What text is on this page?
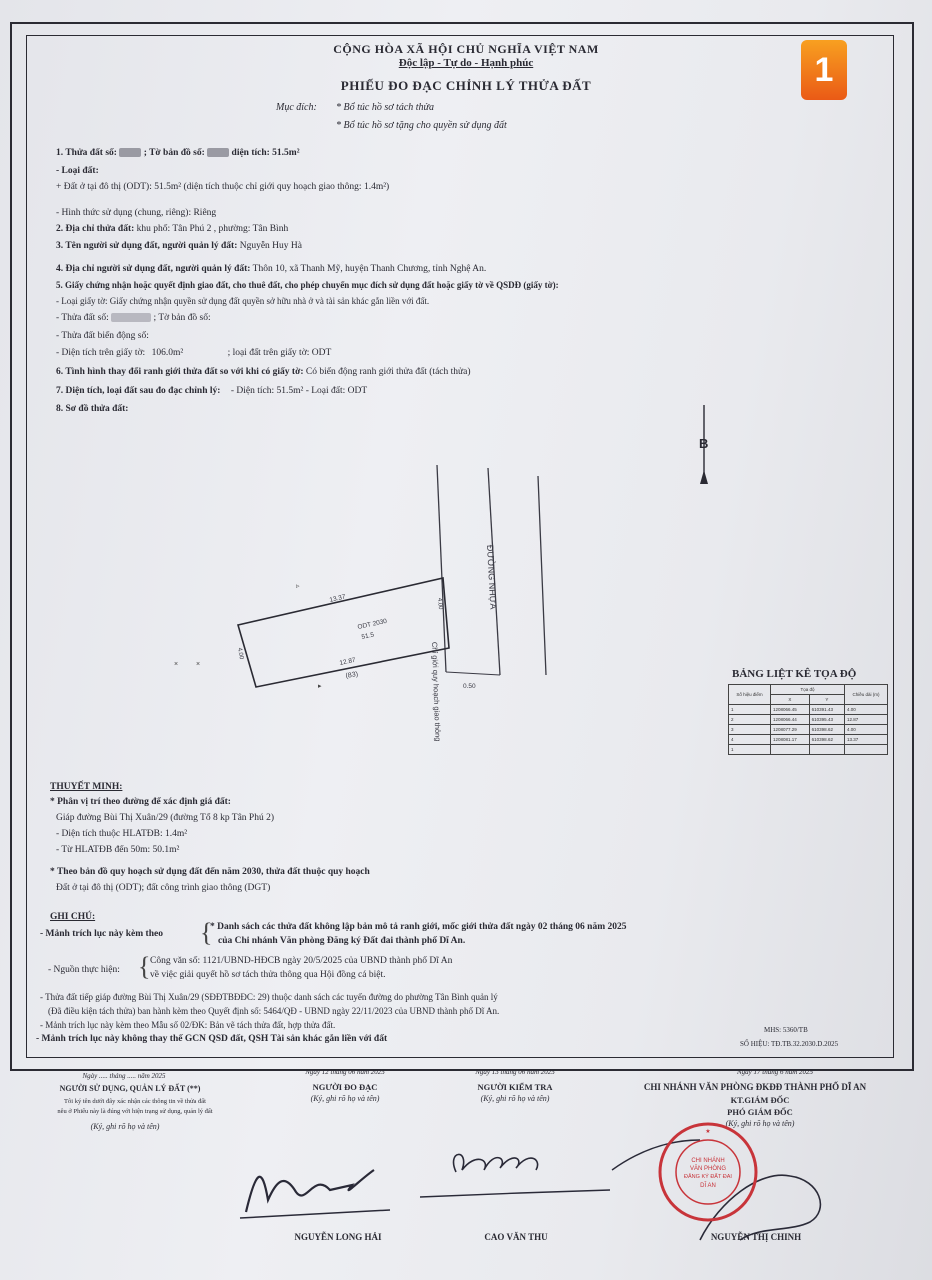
1
CỘNG HÒA XÃ HỘI CHỦ NGHĨA VIỆT NAM
Độc lập - Tự do - Hạnh phúc
PHIẾU ĐO ĐẠC CHỈNH LÝ THỬA ĐẤT
Mục đích: * Bổ túc hồ sơ tách thửa
* Bổ túc hồ sơ tặng cho quyền sử dụng đất
1. Thửa đất số:	; Tờ bản đồ số:	diện tích: 51.5m²
- Loại đất:
+ Đất ở tại đô thị (ODT): 51.5m² (diện tích thuộc chỉ giới quy hoạch giao thông: 1.4m²)
- Hình thức sử dụng (chung, riêng): Riêng
2. Địa chỉ thửa đất: khu phố: Tân Phú 2 , phường: Tân Bình
3. Tên người sử dụng đất, người quản lý đất: Nguyễn Huy Hà
4. Địa chỉ người sử dụng đất, người quản lý đất: Thôn 10, xã Thanh Mỹ, huyện Thanh Chương, tỉnh Nghệ An.
5. Giấy chứng nhận hoặc quyết định giao đất, cho thuê đất, cho phép chuyển mục đích sử dụng đất hoặc giấy tờ về QSDĐ (giấy tờ):
- Loại giấy tờ: Giấy chứng nhận quyền sử dụng đất quyền sở hữu nhà ở và tài sản khác gắn liền với đất.
- Thửa đất số:	; Tờ bản đồ số:
- Thửa đất biến động số:
- Diện tích trên giấy tờ: 106.0m²	; loại đất trên giấy tờ: ODT
6. Tình hình thay đổi ranh giới thửa đất so với khi có giấy tờ: Có biến động ranh giới thửa đất (tách thửa)
7. Diện tích, loại đất sau đo đạc chỉnh lý: - Diện tích: 51.5m² - Loại đất: ODT
8. Sơ đồ thửa đất:
B
ĐƯỜNG NHỰA
13.37
12.87
4.00
4.00
ODT 2030
51.5
(83)
0.50
Chỉ giới quy hoạch giao thông
▹
×	×
▸
BẢNG LIỆT KÊ TỌA ĐỘ
Số hiệu điểm	Tọa độ		Chiều dài (m)
	X	Y	
1	1208066.45	610391.43	4.00
2	1208066.44	610395.43	12.87
3	1208077.29	610398.62	4.00
4	1208081.17	610398.62	13.37
1			
THUYẾT MINH:
* Phân vị trí theo đường để xác định giá đất:
Giáp đường Bùi Thị Xuân/29 (đường Tổ 8 kp Tân Phú 2)
- Diện tích thuộc HLATĐB: 1.4m²
- Từ HLATĐB đến 50m: 50.1m²
* Theo bản đồ quy hoạch sử dụng đất đến năm 2030, thửa đất thuộc quy hoạch
Đất ở tại đô thị (ODT); đất công trình giao thông (DGT)
GHI CHÚ:
- Mảnh trích lục này kèm theo {
* Danh sách các thửa đất không lập bản mô tả ranh giới, mốc giới thửa đất ngày 02 tháng 06 năm 2025
của Chi nhánh Văn phòng Đăng ký Đất đai thành phố Dĩ An.
- Nguồn thực hiện: { Công văn số: 1121/UBND-HĐCB ngày 20/5/2025 của UBND thành phố Dĩ An
về việc giải quyết hồ sơ tách thửa thông qua Hội đồng cá biệt.
- Thửa đất tiếp giáp đường Bùi Thị Xuân/29 (SĐĐTBĐĐC: 29) thuộc danh sách các tuyến đường do phường Tân Bình quản lý
(Đã điều kiện tách thửa) ban hành kèm theo Quyết định số: 5464/QĐ - UBND ngày 22/11/2023 của UBND thành phố Dĩ An.
- Mảnh trích lục này kèm theo Mẫu số 02/ĐK: Bản vẽ tách thửa đất, hợp thửa đất.
- Mảnh trích lục này không thay thế GCN QSD đất, QSH Tài sản khác gắn liền với đất
MHS: 5360/TB
SỐ HIỆU: TĐ.TB.32.2030.D.2025
Ngày ..... tháng ..... năm 2025
NGƯỜI SỬ DỤNG, QUẢN LÝ ĐẤT (**)
Tôi ký tên dưới đây xác nhận các thông tin về thửa đất
nêu ở Phiếu này là đúng với hiện trạng sử dụng, quản lý đất
(Ký, ghi rõ họ và tên)
Ngày 12 tháng 06 năm 2025
NGƯỜI ĐO ĐẠC
(Ký, ghi rõ họ và tên)
Ngày 13 tháng 06 năm 2025
NGƯỜI KIỂM TRA
(Ký, ghi rõ họ và tên)
Ngày 17 tháng 6 năm 2025
CHI NHÁNH VĂN PHÒNG ĐKĐĐ THÀNH PHỐ DĨ AN
KT.GIÁM ĐỐC
PHÓ GIÁM ĐỐC
(Ký, ghi rõ họ và tên)
CHI NHÁNH
VĂN PHÒNG
ĐĂNG KÝ ĐẤT ĐAI
DĨ AN
★
NGUYỄN LONG HẢI	CAO VĂN THU	NGUYỄN THỊ CHINH
